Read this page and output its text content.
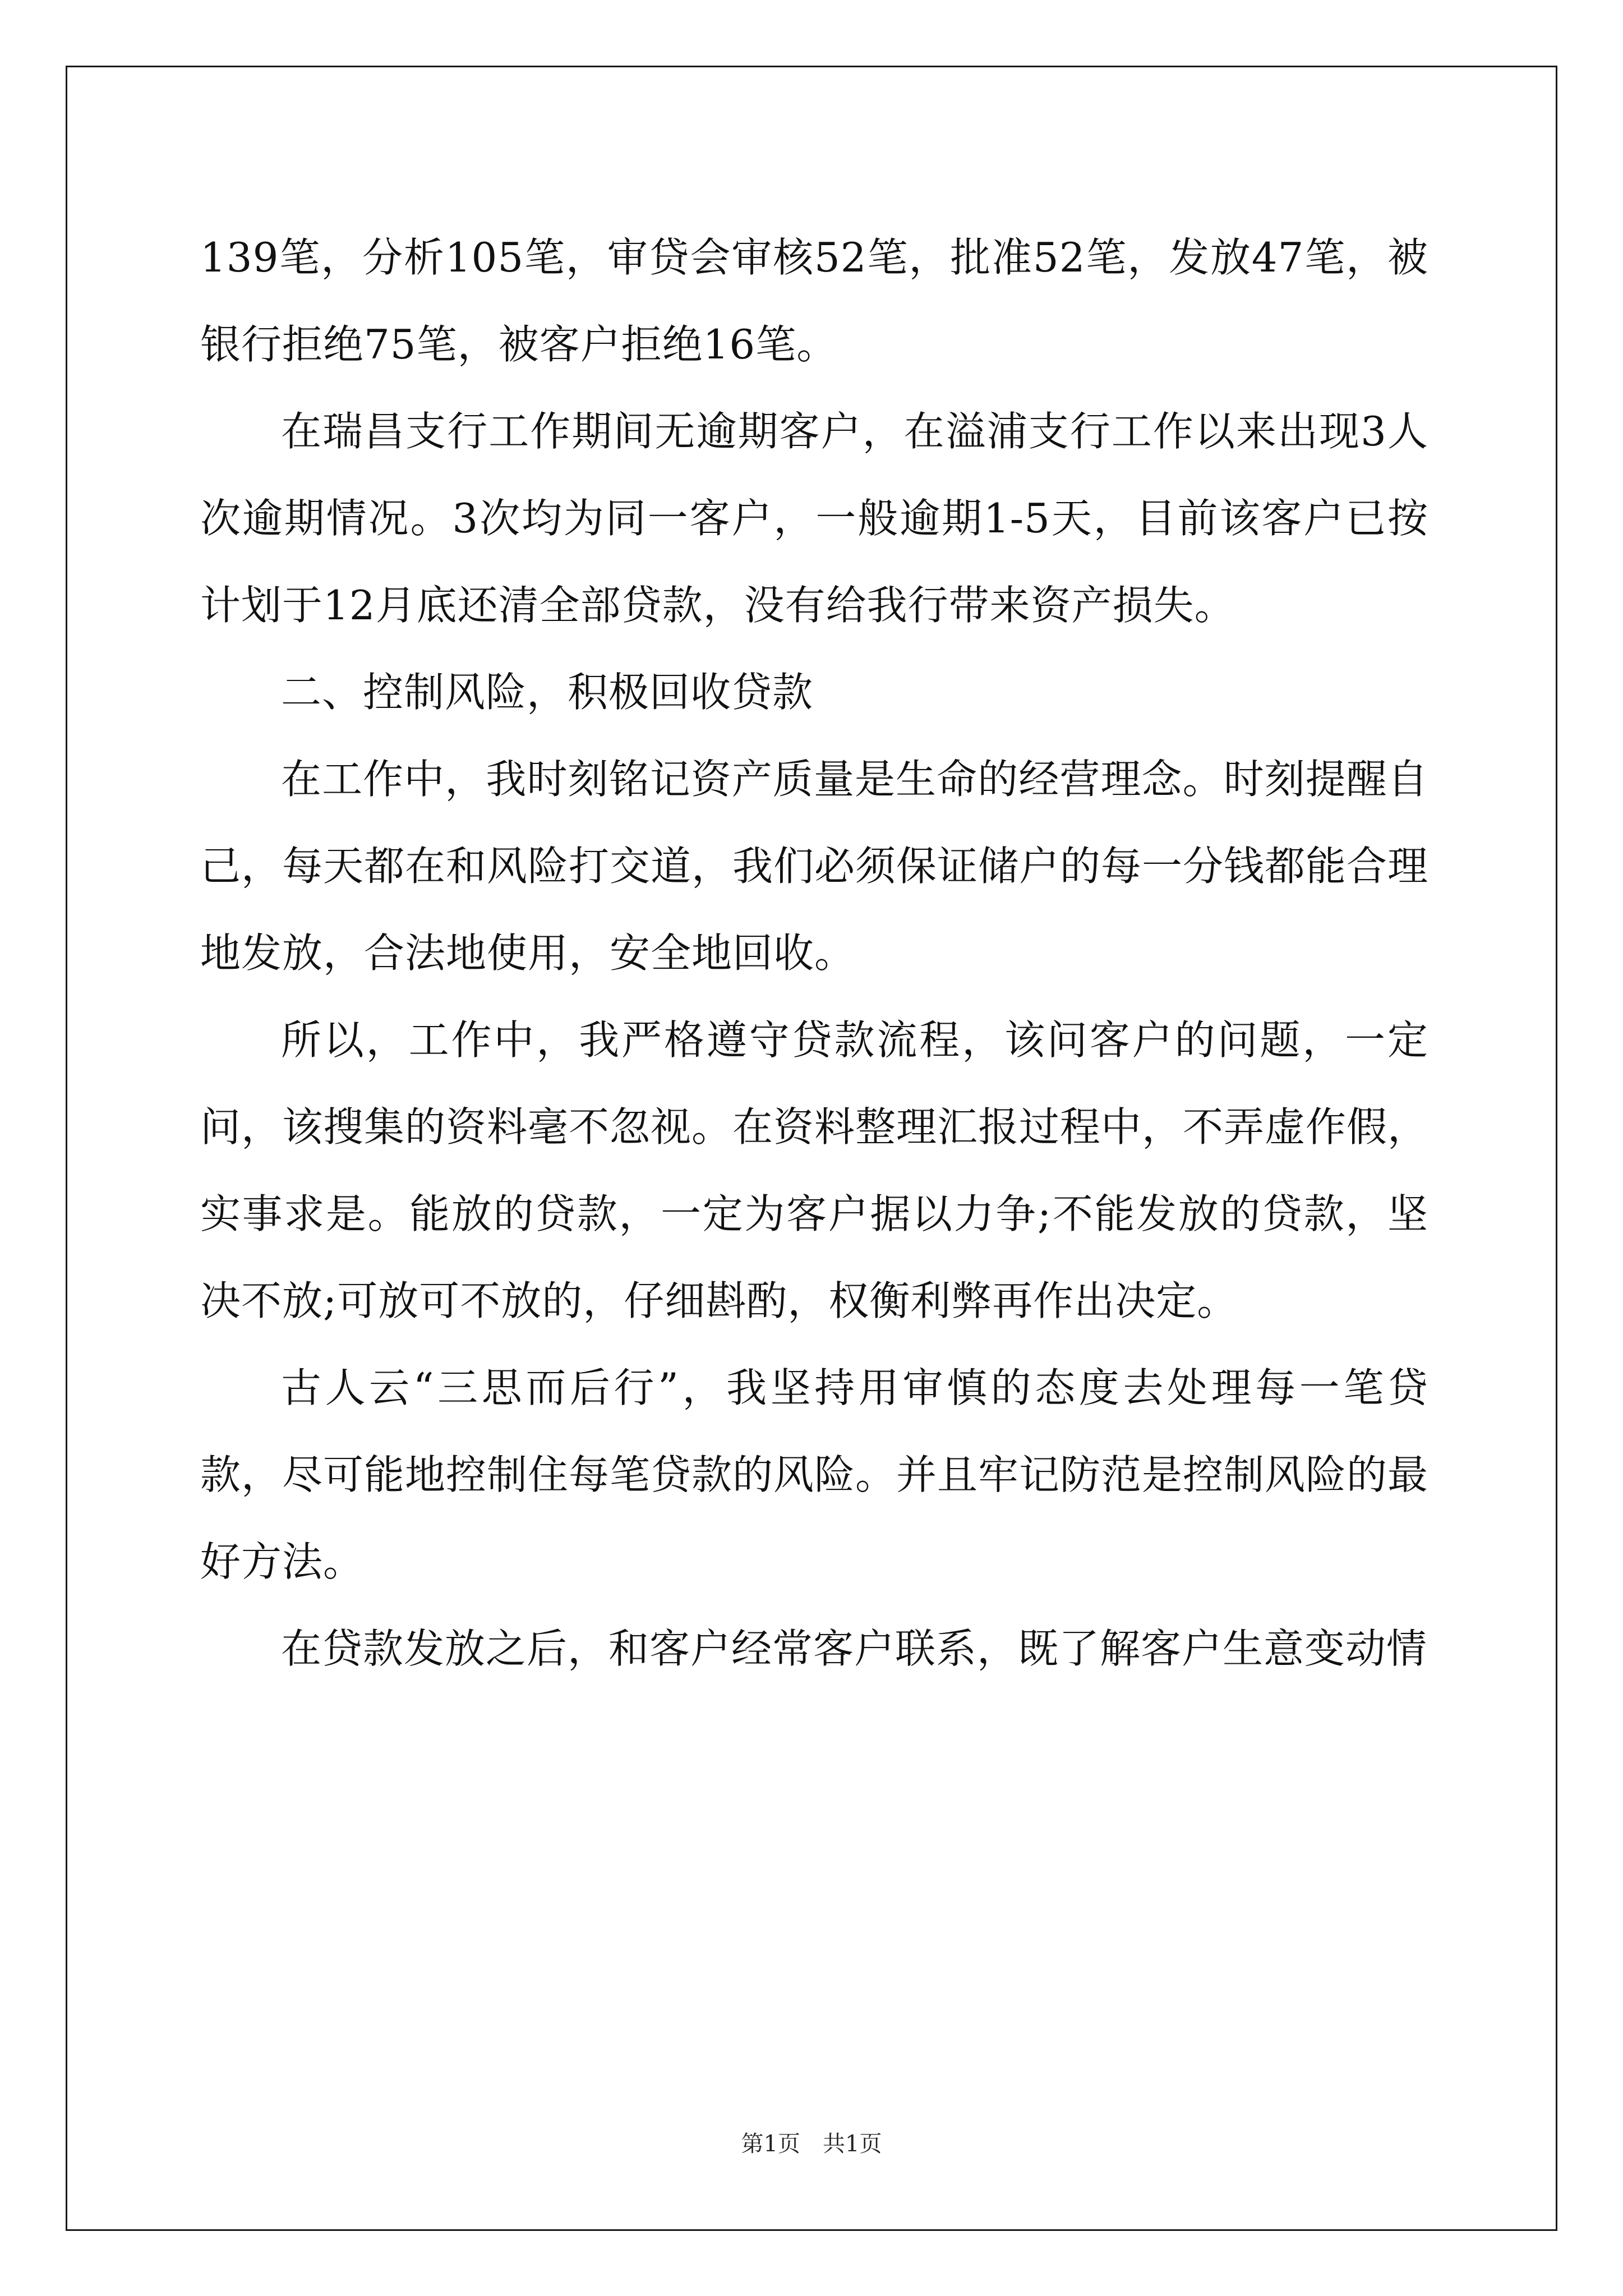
139笔，分析105笔，审贷会审核52笔，批准52笔，发放47笔，被银行拒绝75笔，被客户拒绝16笔。

在瑞昌支行工作期间无逾期客户，在溢浦支行工作以来出现3人次逾期情况。3次均为同一客户，一般逾期1-5天，目前该客户已按计划于12月底还清全部贷款，没有给我行带来资产损失。

二、控制风险，积极回收贷款

在工作中，我时刻铭记资产质量是生命的经营理念。时刻提醒自己，每天都在和风险打交道，我们必须保证储户的每一分钱都能合理地发放，合法地使用，安全地回收。

所以，工作中，我严格遵守贷款流程，该问客户的问题，一定问，该搜集的资料毫不忽视。在资料整理汇报过程中，不弄虚作假，实事求是。能放的贷款，一定为客户据以力争;不能发放的贷款，坚决不放;可放可不放的，仔细斟酌，权衡利弊再作出决定。

古人云“三思而后行”，我坚持用审慎的态度去处理每一笔贷款，尽可能地控制住每笔贷款的风险。并且牢记防范是控制风险的最好方法。

在贷款发放之后，和客户经常客户联系，既了解客户生意变动情

第1页 共1页
